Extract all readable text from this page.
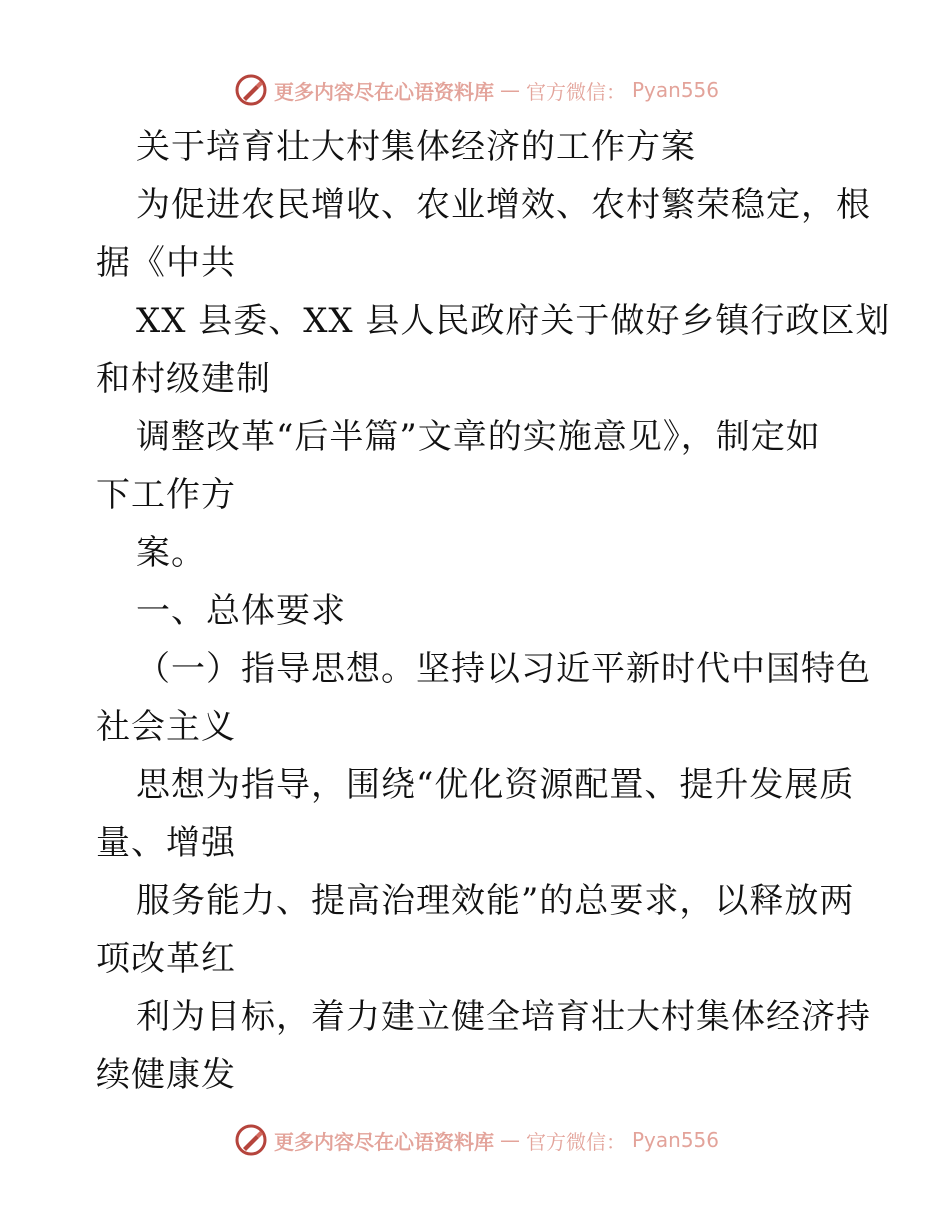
更多内容尽在心语资料库 — 官方微信： Pyan556
关于培育壮大村集体经济的工作方案
为促进农民增收、农业增效、农村繁荣稳定，根
据《中共
XX 县委、XX 县人民政府关于做好乡镇行政区划
和村级建制
调整改革“后半篇”文章的实施意见》，制定如
下工作方
案。
一、总体要求
（一）指导思想。坚持以习近平新时代中国特色
社会主义
思想为指导，围绕“优化资源配置、提升发展质
量、增强
服务能力、提高治理效能”的总要求，以释放两
项改革红
利为目标，着力建立健全培育壮大村集体经济持
续健康发
更多内容尽在心语资料库 — 官方微信： Pyan556
